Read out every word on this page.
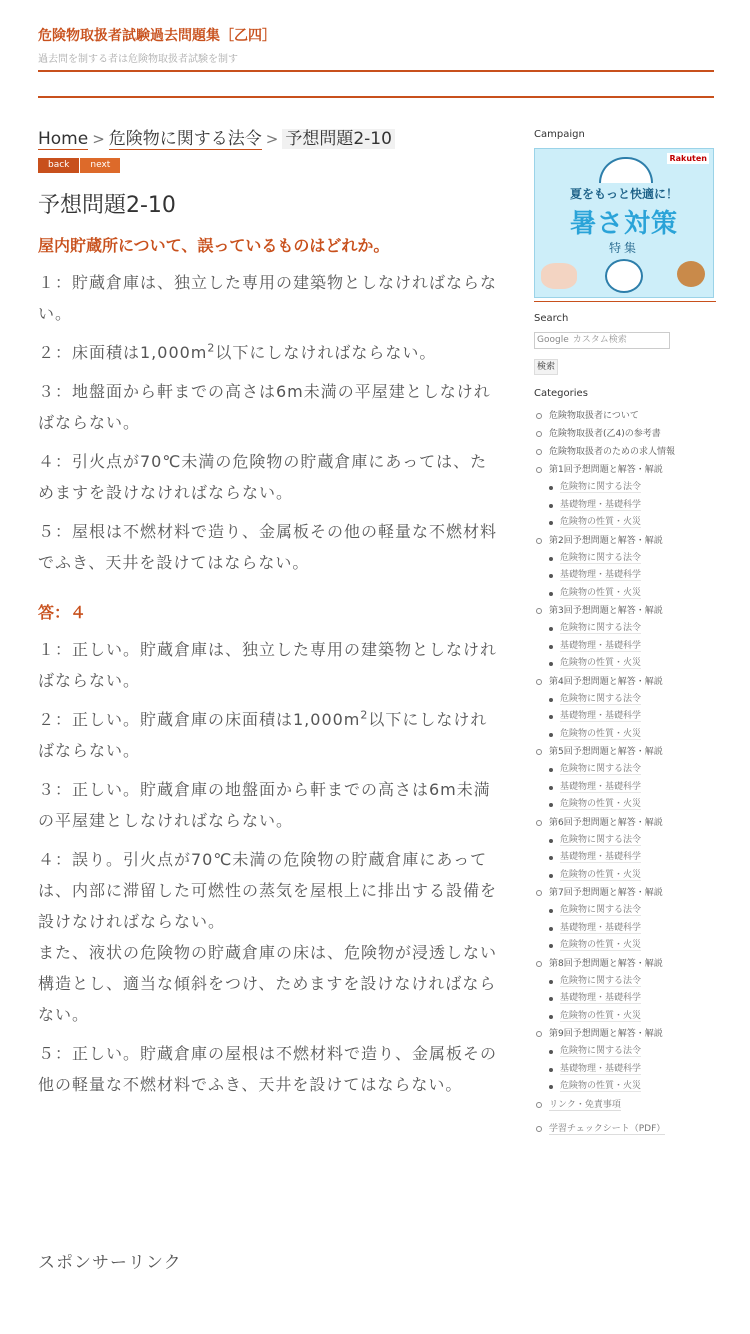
危険物取扱者試験過去問題集［乙四］
過去問を制する者は危険物取扱者試験を制す
Home > 危険物に関する法令 > 予想問題2-10
back	next
予想問題2-10

屋内貯蔵所について、誤っているものはどれか。

１：貯蔵倉庫は、独立した専用の建築物としなければならない。

２：床面積は$1,000m^2$以下にしなければならない。

３：地盤面から軒までの高さは6m未満の平屋建としなければならない。

４：引火点が70℃未満の危険物の貯蔵倉庫にあっては、ためますを設けなければならない。

５：屋根は不燃材料で造り、金属板その他の軽量な不燃材料でふき、天井を設けてはならない。

答：４

１：正しい。貯蔵倉庫は、独立した専用の建築物としなければならない。

２：正しい。貯蔵倉庫の床面積は$1,000m^2$以下にしなければならない。

３：正しい。貯蔵倉庫の地盤面から軒までの高さは6m未満の平屋建としなければならない。

４：誤り。引火点が70℃未満の危険物の貯蔵倉庫にあっては、内部に滞留した可燃性の蒸気を屋根上に排出する設備を設けなければならない。

また、液状の危険物の貯蔵倉庫の床は、危険物が浸透しない構造とし、適当な傾斜をつけ、ためますを設けなければならない。

５：正しい。貯蔵倉庫の屋根は不燃材料で造り、金属板その他の軽量な不燃材料でふき、天井を設けてはならない。

スポンサーリンク
Campaign
Rakuten
夏をもっと快適に！
暑さ対策
特集
Search
Google カスタム検索
検索
Categories
危険物取扱者について
危険物取扱者(乙4)の参考書
危険物取扱者のための求人情報
第1回予想問題と解答・解説
危険物に関する法令
基礎物理・基礎科学
危険物の性質・火災
第2回予想問題と解答・解説
危険物に関する法令
基礎物理・基礎科学
危険物の性質・火災
第3回予想問題と解答・解説
危険物に関する法令
基礎物理・基礎科学
危険物の性質・火災
第4回予想問題と解答・解説
危険物に関する法令
基礎物理・基礎科学
危険物の性質・火災
第5回予想問題と解答・解説
危険物に関する法令
基礎物理・基礎科学
危険物の性質・火災
第6回予想問題と解答・解説
危険物に関する法令
基礎物理・基礎科学
危険物の性質・火災
第7回予想問題と解答・解説
危険物に関する法令
基礎物理・基礎科学
危険物の性質・火災
第8回予想問題と解答・解説
危険物に関する法令
基礎物理・基礎科学
危険物の性質・火災
第9回予想問題と解答・解説
危険物に関する法令
基礎物理・基礎科学
危険物の性質・火災
リンク・免責事項
学習チェックシート（PDF）
